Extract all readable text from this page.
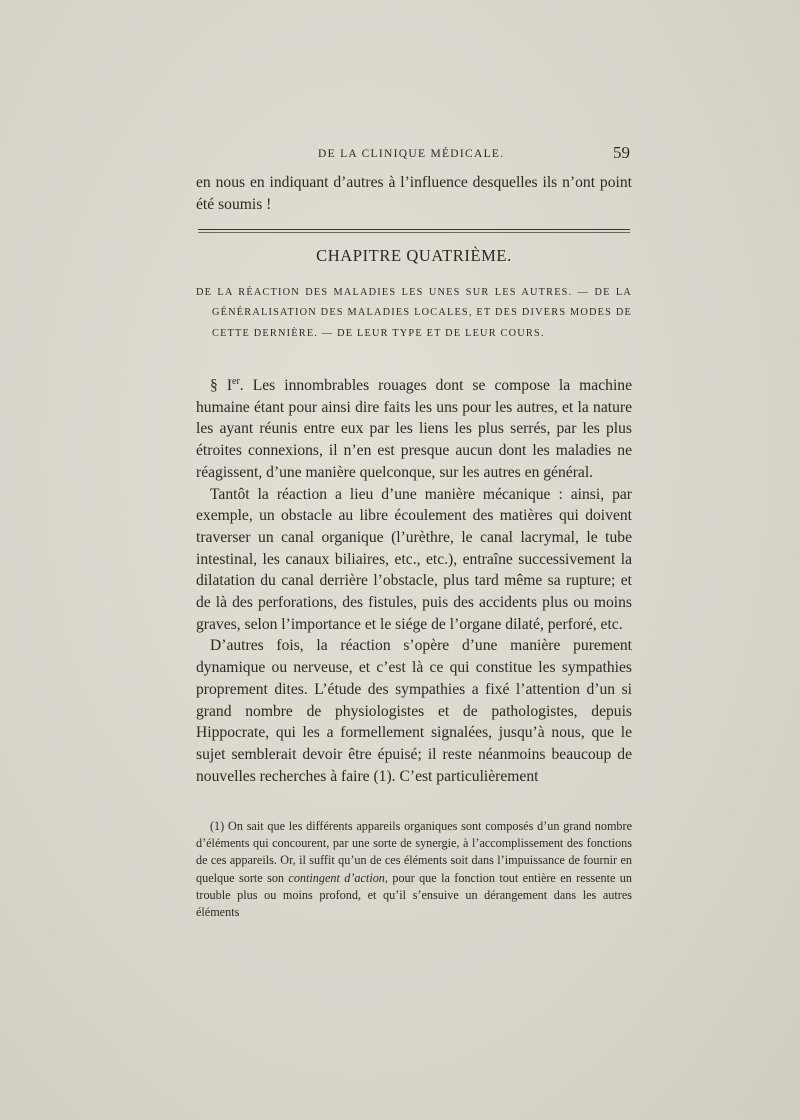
DE LA CLINIQUE MÉDICALE.	59

en nous en indiquant d’autres à l’influence desquelles ils n’ont point été soumis !

CHAPITRE QUATRIÈME.

DE LA RÉACTION DES MALADIES LES UNES SUR LES AUTRES. — DE LA GÉNÉRALISATION DES MALADIES LOCALES, ET DES DIVERS MODES DE CETTE DERNIÈRE. — DE LEUR TYPE ET DE LEUR COURS.

§ Ier. Les innombrables rouages dont se compose la machine humaine étant pour ainsi dire faits les uns pour les autres, et la nature les ayant réunis entre eux par les liens les plus serrés, par les plus étroites connexions, il n’en est presque aucun dont les maladies ne réagissent, d’une manière quelconque, sur les autres en général.

Tantôt la réaction a lieu d’une manière mécanique : ainsi, par exemple, un obstacle au libre écoulement des matières qui doivent traverser un canal organique (l’urèthre, le canal lacrymal, le tube intestinal, les canaux biliaires, etc., etc.), entraîne successivement la dilatation du canal derrière l’obstacle, plus tard même sa rupture; et de là des perforations, des fistules, puis des accidents plus ou moins graves, selon l’importance et le siége de l’organe dilaté, perforé, etc.

D’autres fois, la réaction s’opère d’une manière purement dynamique ou nerveuse, et c’est là ce qui constitue les sympathies proprement dites. L’étude des sympathies a fixé l’attention d’un si grand nombre de physiologistes et de pathologistes, depuis Hippocrate, qui les a formellement signalées, jusqu’à nous, que le sujet semblerait devoir être épuisé; il reste néanmoins beaucoup de nouvelles recherches à faire (1). C’est particulièrement

(1) On sait que les différents appareils organiques sont composés d’un grand nombre d’éléments qui concourent, par une sorte de synergie, à l’accomplissement des fonctions de ces appareils. Or, il suffit qu’un de ces éléments soit dans l’impuissance de fournir en quelque sorte son contingent d’action, pour que la fonction tout entière en ressente un trouble plus ou moins profond, et qu’il s’ensuive un dérangement dans les autres éléments
